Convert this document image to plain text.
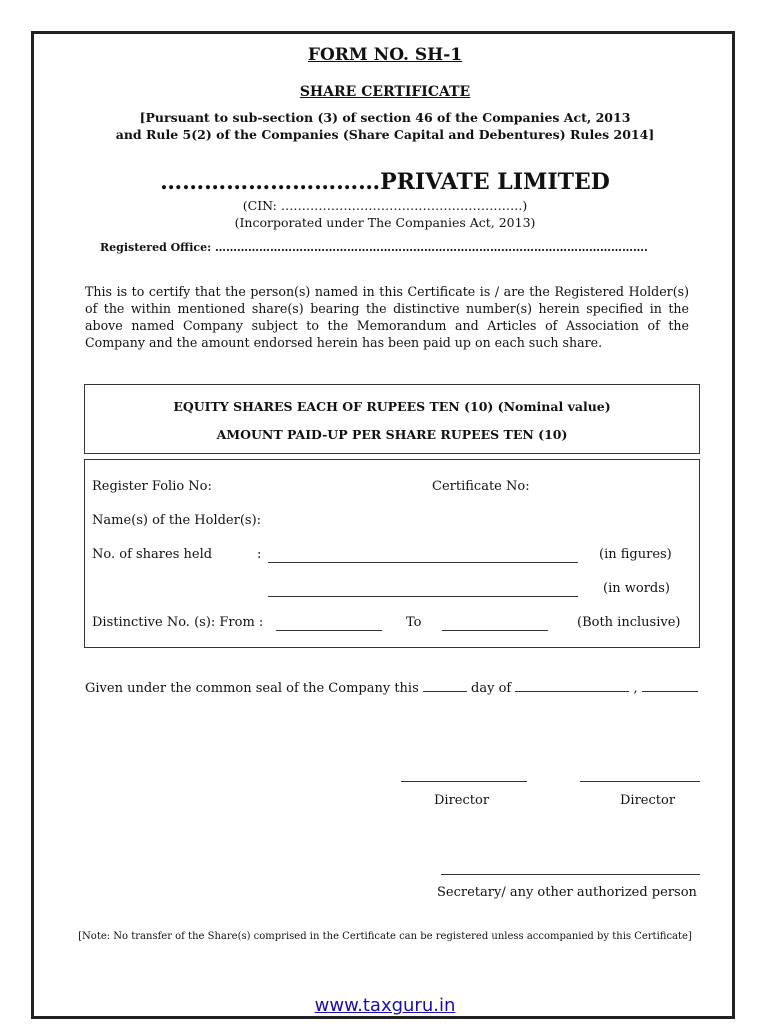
FORM NO. SH-1
SHARE CERTIFICATE
[Pursuant to sub-section (3) of section 46 of the Companies Act, 2013
and Rule 5(2) of the Companies (Share Capital and Debentures) Rules 2014]
…………………………PRIVATE LIMITED
(CIN: ………………………………………………….)
(Incorporated under The Companies Act, 2013)
Registered Office: ……………………………………………………………………………………………………….
This is to certify that the person(s) named in this Certificate is / are the Registered Holder(s) of the within mentioned share(s) bearing the distinctive number(s) herein specified in the above named Company subject to the Memorandum and Articles of Association of the Company and the amount endorsed herein has been paid up on each such share.
EQUITY SHARES EACH OF RUPEES TEN (10) (Nominal value)
AMOUNT PAID-UP PER SHARE RUPEES TEN (10)
Register Folio No:	Certificate No:
Name(s) of the Holder(s):
No. of shares held	:	(in figures)
(in words)
Distinctive No. (s): From :	To	(Both inclusive)
Given under the common seal of the Company this	day of	,
Director	Director
Secretary/ any other authorized person
[Note: No transfer of the Share(s) comprised in the Certificate can be registered unless accompanied by this Certificate]
www.taxguru.in
